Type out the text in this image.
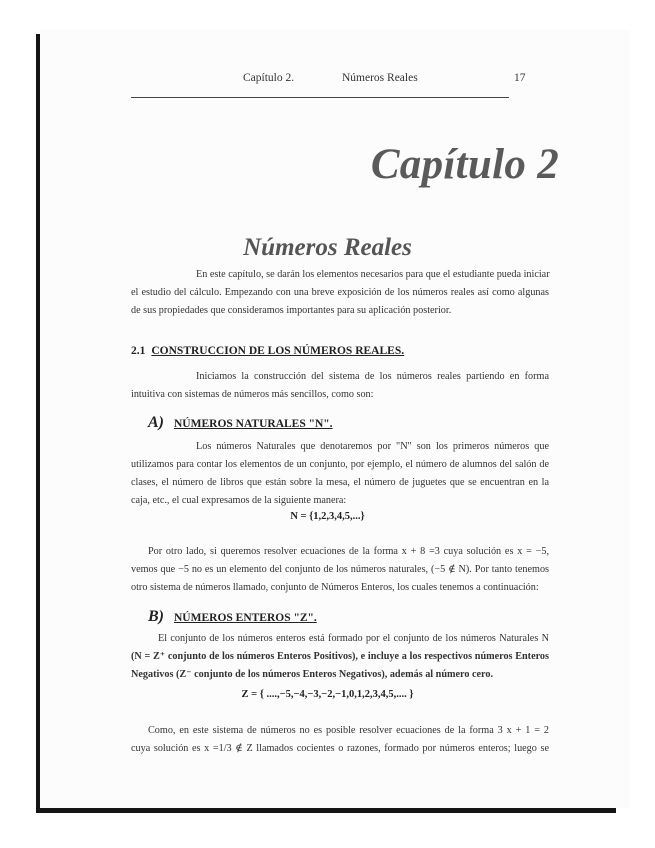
Capítulo 2.	Números Reales	17
Capítulo 2
Números Reales
En este capítulo, se darán los elementos necesarios para que el estudiante pueda iniciar
el estudio del cálculo. Empezando con una breve exposición de los números reales así como algunas
de sus propiedades que consideramos importantes para su aplicación posterior.
2.1 CONSTRUCCION DE LOS NÚMEROS REALES.
Iniciamos la construcción del sistema de los números reales partiendo en forma
intuitiva con sistemas de números más sencillos, como son:
A) NÚMEROS NATURALES "N".
Los números Naturales que denotaremos por "N" son los primeros números que
utilizamos para contar los elementos de un conjunto, por ejemplo, el número de alumnos del salón de
clases, el número de libros que están sobre la mesa, el número de juguetes que se encuentran en la
caja, etc., el cual expresamos de la siguiente manera:
N = {1,2,3,4,5,...}
Por otro lado, si queremos resolver ecuaciones de la forma x + 8 =3 cuya solución es x = −5,
vemos que −5 no es un elemento del conjunto de los números naturales, (−5 ∉ N). Por tanto tenemos
otro sistema de números llamado, conjunto de Números Enteros, los cuales tenemos a continuación:
B) NÚMEROS ENTEROS "Z".
El conjunto de los números enteros está formado por el conjunto de los números Naturales N
(N = Z⁺ conjunto de los números Enteros Positivos), e incluye a los respectivos números Enteros
Negativos (Z⁻ conjunto de los números Enteros Negativos), además al número cero.
Z = { ....,−5,−4,−3,−2,−1,0,1,2,3,4,5,.... }
Como, en este sistema de números no es posible resolver ecuaciones de la forma 3 x + 1 = 2
cuya solución es x =1/3 ∉ Z llamados cocientes o razones, formado por números enteros; luego se
